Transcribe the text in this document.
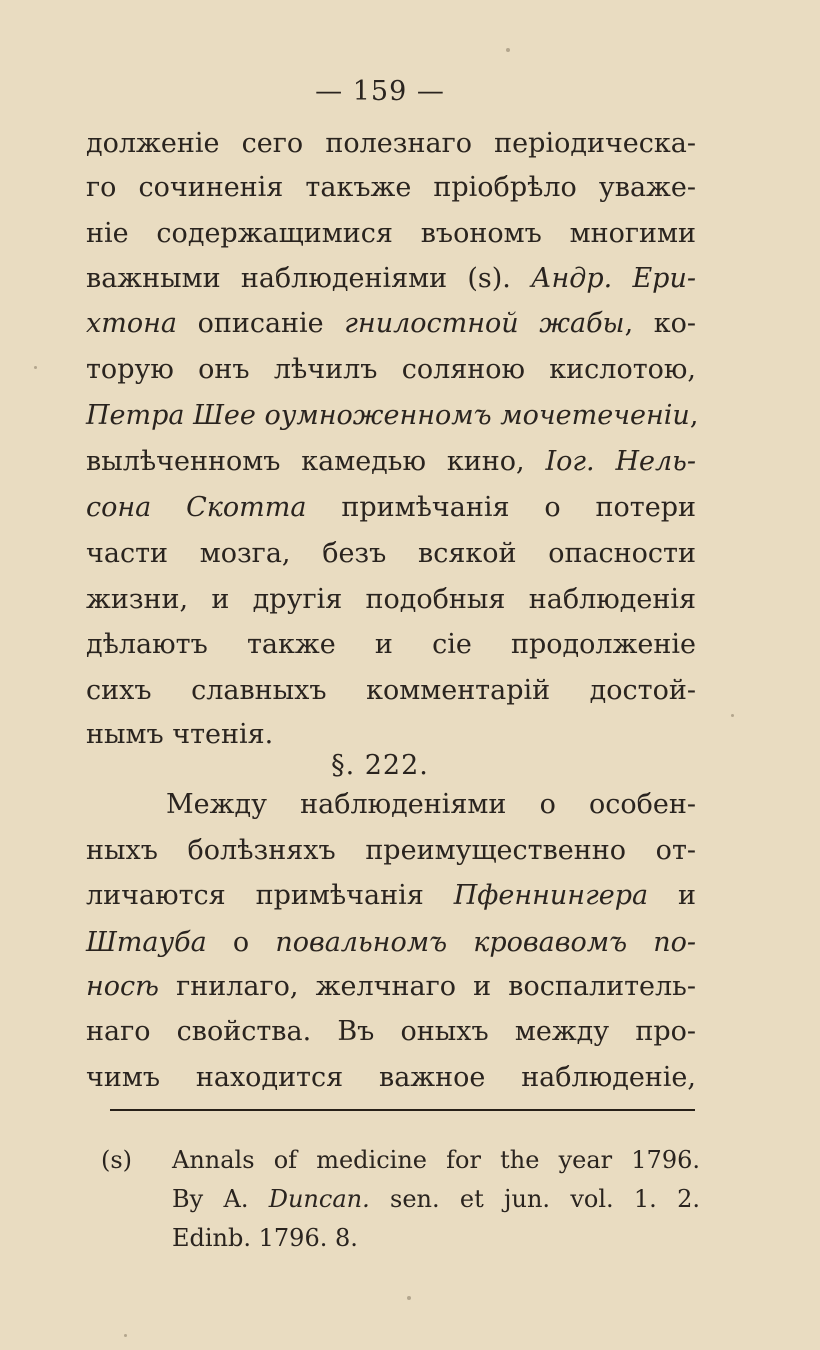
— 159 —
долженіе сего полезнаго періодическа-
го сочиненія такъже пріобрѣло уваже-
ніе содержащимися въономъ многими
важными наблюденіями (s). Андр. Ери-
хтона описаніе гнилостной жабы, ко-
торую онъ лѣчилъ соляною кислотою,
Петра Шее оумноженномъ мочетеченіи,
вылѣченномъ камедью кино, Іог. Нель-
сона Скотта примѣчанія о потери
части мозга, безъ всякой опасности
жизни, и другія подобныя наблюденія
дѣлаютъ также и сіе продолженіе
сихъ славныхъ комментарій достой-
нымъ чтенія.
§. 222.
Между наблюденіями о особен-
ныхъ болѣзняхъ преимущественно от-
личаются примѣчанія Пфеннингера и
Штауба о повальномъ кровавомъ по-
носѣ гнилаго, желчнаго и воспалитель-
наго свойства. Въ оныхъ между про-
чимъ находится важное наблюденіе,
(s)	Annals of medicine for the year 1796.
By A. Duncan. sen. et jun. vol. 1. 2.
Edinb. 1796. 8.
